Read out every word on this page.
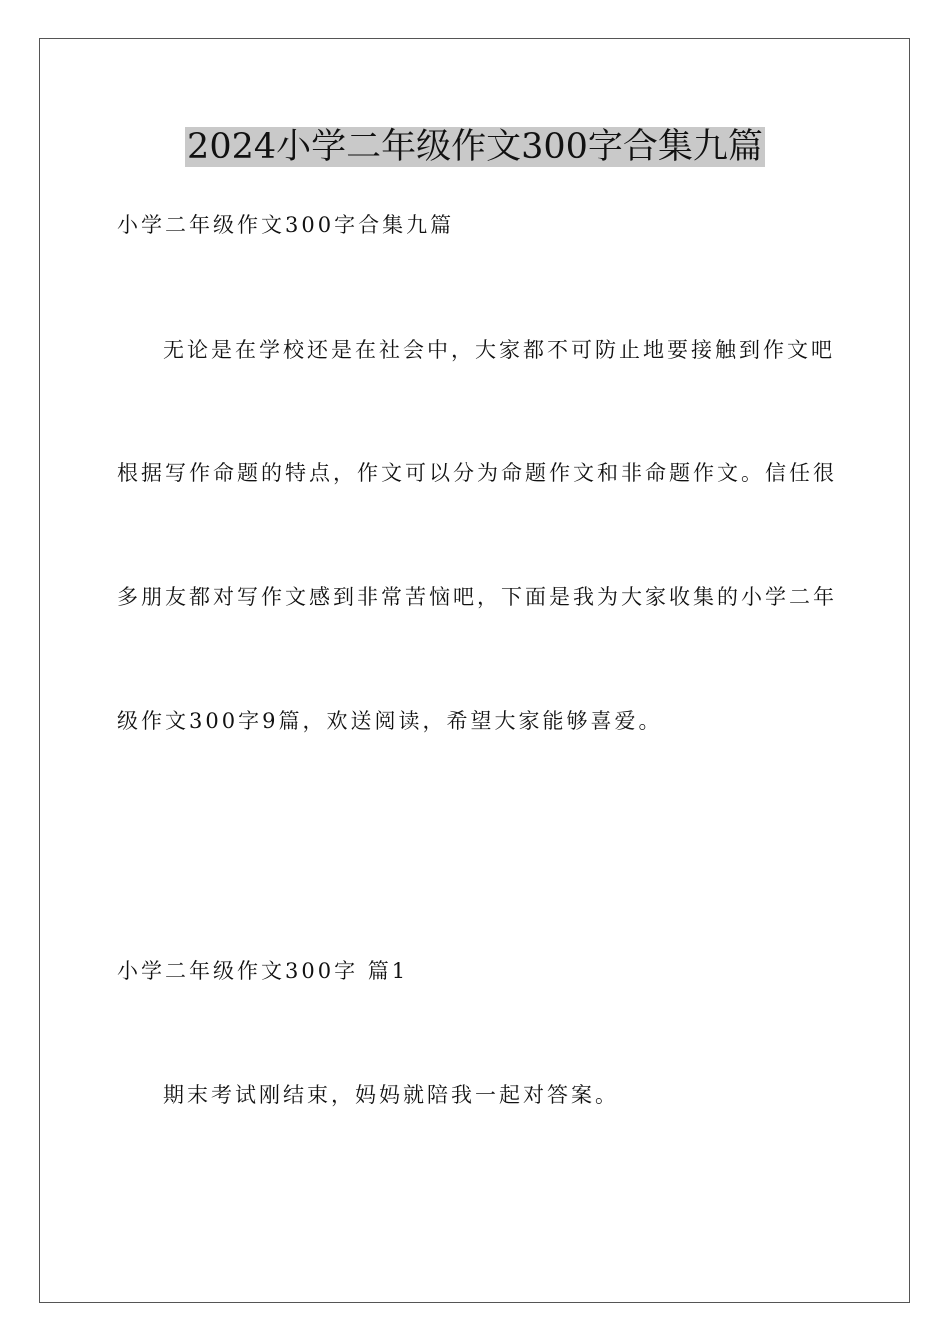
2024小学二年级作文300字合集九篇

小学二年级作文300字合集九篇

无论是在学校还是在社会中，大家都不可防止地要接触到作文吧

根据写作命题的特点，作文可以分为命题作文和非命题作文。信任很

多朋友都对写作文感到非常苦恼吧，下面是我为大家收集的小学二年

级作文300字9篇，欢送阅读，希望大家能够喜爱。

小学二年级作文300字 篇1

期末考试刚结束，妈妈就陪我一起对答案。
